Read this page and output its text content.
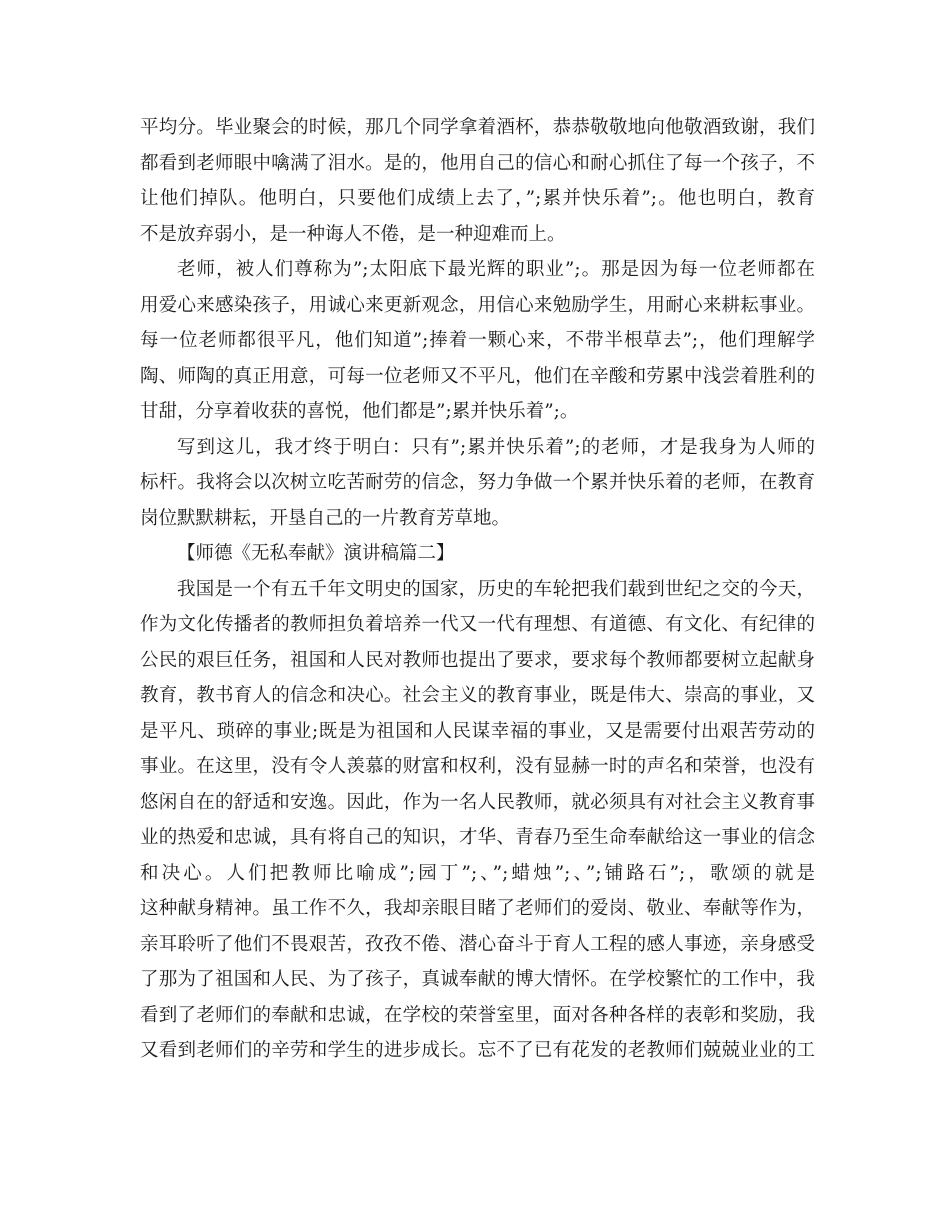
平均分。毕业聚会的时候，那几个同学拿着酒杯，恭恭敬敬地向他敬酒致谢，我们
都看到老师眼中噙满了泪水。是的，他用自己的信心和耐心抓住了每一个孩子，不
让他们掉队。他明白，只要他们成绩上去了，”;累并快乐着”;。他也明白，教育
不是放弃弱小，是一种诲人不倦，是一种迎难而上。
老师，被人们尊称为”;太阳底下最光辉的职业”;。那是因为每一位老师都在
用爱心来感染孩子，用诚心来更新观念，用信心来勉励学生，用耐心来耕耘事业。
每一位老师都很平凡，他们知道”;捧着一颗心来，不带半根草去”;，他们理解学
陶、师陶的真正用意，可每一位老师又不平凡，他们在辛酸和劳累中浅尝着胜利的
甘甜，分享着收获的喜悦，他们都是”;累并快乐着”;。
写到这儿，我才终于明白：只有”;累并快乐着”;的老师，才是我身为人师的
标杆。我将会以次树立吃苦耐劳的信念，努力争做一个累并快乐着的老师，在教育
岗位默默耕耘，开垦自己的一片教育芳草地。
【师德《无私奉献》演讲稿篇二】
我国是一个有五千年文明史的国家，历史的车轮把我们载到世纪之交的今天，
作为文化传播者的教师担负着培养一代又一代有理想、有道德、有文化、有纪律的
公民的艰巨任务，祖国和人民对教师也提出了要求，要求每个教师都要树立起献身
教育，教书育人的信念和决心。社会主义的教育事业，既是伟大、崇高的事业，又
是平凡、琐碎的事业;既是为祖国和人民谋幸福的事业，又是需要付出艰苦劳动的
事业。在这里，没有令人羡慕的财富和权利，没有显赫一时的声名和荣誉，也没有
悠闲自在的舒适和安逸。因此，作为一名人民教师，就必须具有对社会主义教育事
业的热爱和忠诚，具有将自己的知识，才华、青春乃至生命奉献给这一事业的信念
和决心。人们把教师比喻成”;园丁”;、”;蜡烛”;、”;铺路石”;，歌颂的就是
这种献身精神。虽工作不久，我却亲眼目睹了老师们的爱岗、敬业、奉献等作为，
亲耳聆听了他们不畏艰苦，孜孜不倦、潜心奋斗于育人工程的感人事迹，亲身感受
了那为了祖国和人民、为了孩子，真诚奉献的博大情怀。在学校繁忙的工作中，我
看到了老师们的奉献和忠诚，在学校的荣誉室里，面对各种各样的表彰和奖励，我
又看到老师们的辛劳和学生的进步成长。忘不了已有花发的老教师们兢兢业业的工
